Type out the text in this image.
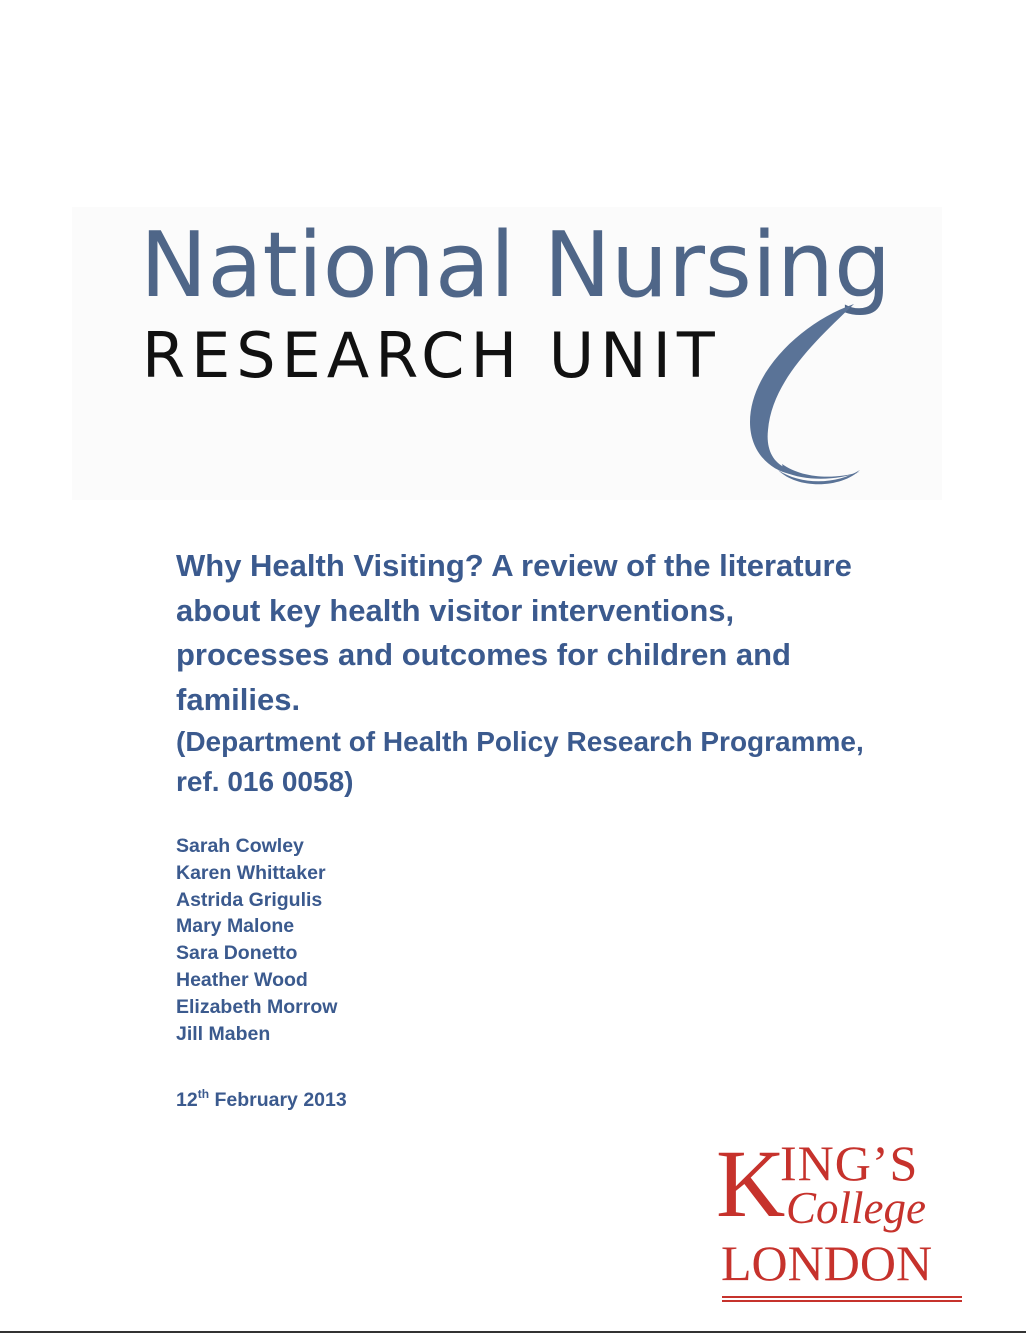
National Nursing
RESEARCH UNIT
Why Health Visiting? A review of the literature about key health visitor interventions, processes and outcomes for children and families.

(Department of Health Policy Research Programme, ref. 016 0058)

Sarah Cowley
Karen Whittaker
Astrida Grigulis
Mary Malone
Sara Donetto
Heather Wood
Elizabeth Morrow
Jill Maben
12th February 2013
K
ING’S
College
LONDON
